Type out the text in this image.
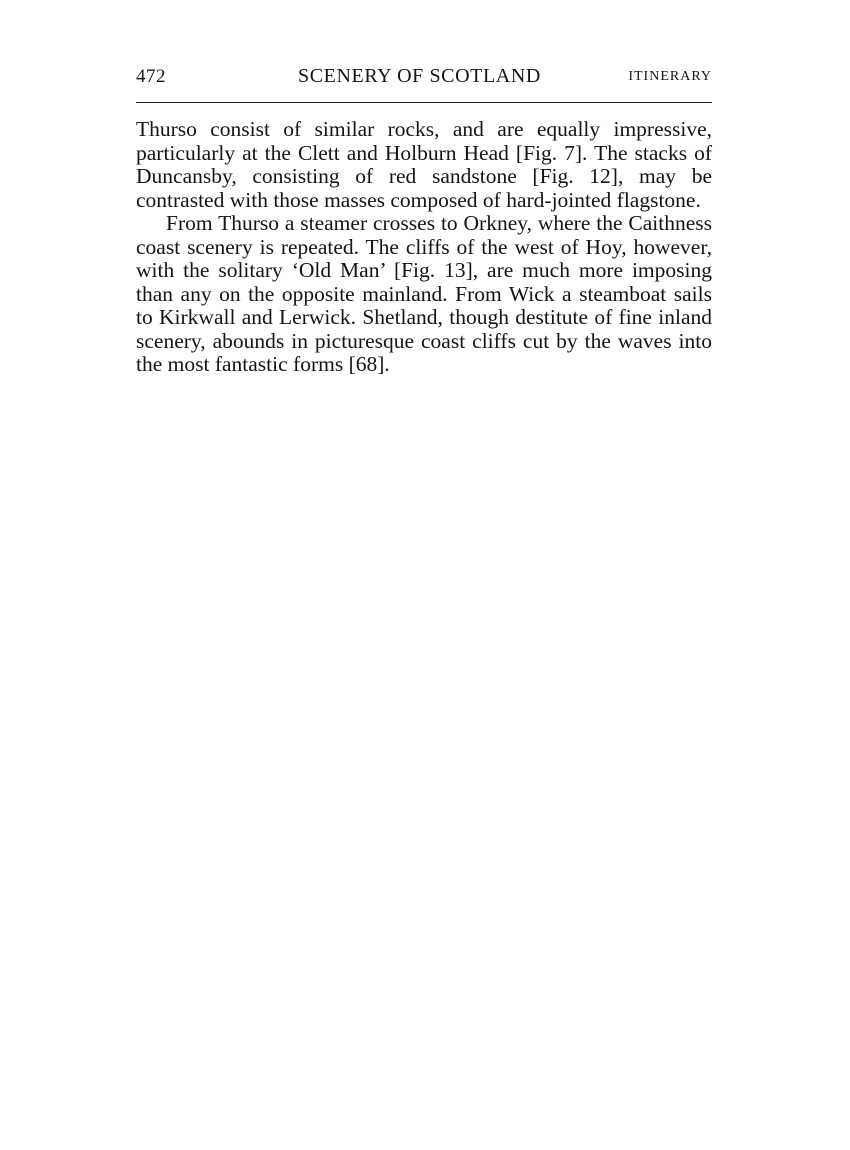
472	SCENERY OF SCOTLAND	ITINERARY

Thurso consist of similar rocks, and are equally impressive, particularly at the Clett and Holburn Head [Fig. 7]. The stacks of Duncansby, consisting of red sandstone [Fig. 12], may be contrasted with those masses composed of hard-jointed flagstone.

From Thurso a steamer crosses to Orkney, where the Caithness coast scenery is repeated. The cliffs of the west of Hoy, however, with the solitary ‘Old Man’ [Fig. 13], are much more imposing than any on the opposite mainland. From Wick a steamboat sails to Kirkwall and Lerwick. Shetland, though destitute of fine inland scenery, abounds in picturesque coast cliffs cut by the waves into the most fantastic forms [68].
